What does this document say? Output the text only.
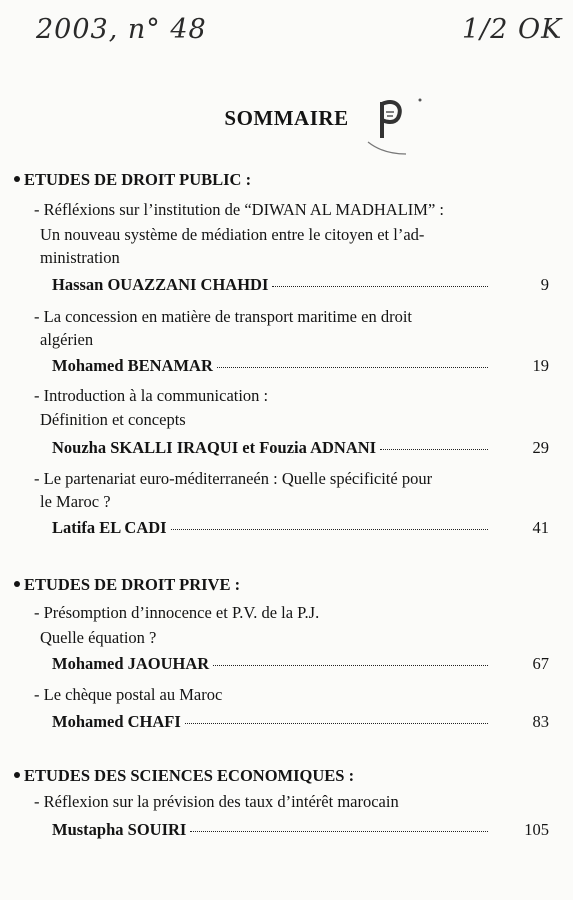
2003, n° 48	1/2 OK
SOMMAIRE
ETUDES DE DROIT PUBLIC :
- Réfléxions sur l’institution de “DIWAN AL MADHALIM” :
Un nouveau système de médiation entre le citoyen et l’ad-
ministration
Hassan OUAZZANI CHAHDI	9
- La concession en matière de transport maritime en droit
algérien
Mohamed BENAMAR	19
- Introduction à la communication :
Définition et concepts
Nouzha SKALLI IRAQUI et Fouzia ADNANI	29
- Le partenariat euro-méditerraneén : Quelle spécificité pour
le Maroc ?
Latifa EL CADI	41
ETUDES DE DROIT PRIVE :
- Présomption d’innocence et P.V. de la P.J.
Quelle équation ?
Mohamed JAOUHAR	67
- Le chèque postal au Maroc
Mohamed CHAFI	83
ETUDES DES SCIENCES ECONOMIQUES :
- Réflexion sur la prévision des taux d’intérêt marocain
Mustapha SOUIRI	105
